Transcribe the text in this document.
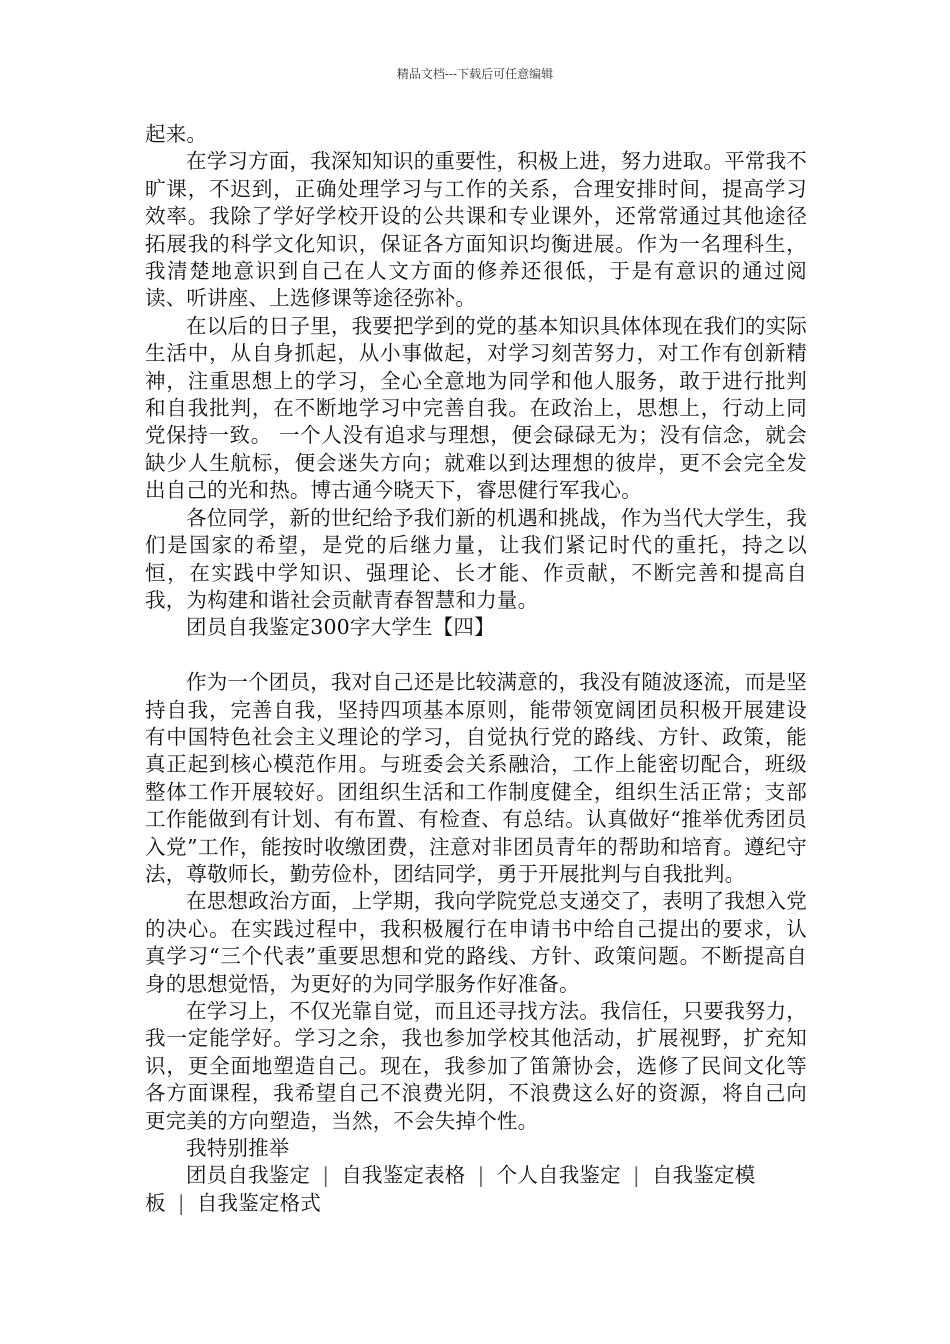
精品文档---下载后可任意编辑

起来。

在学习方面，我深知知识的重要性，积极上进，努力进取。平常我不旷课，不迟到，正确处理学习与工作的关系，合理安排时间，提高学习效率。我除了学好学校开设的公共课和专业课外，还常常通过其他途径拓展我的科学文化知识，保证各方面知识均衡进展。作为一名理科生，我清楚地意识到自己在人文方面的修养还很低，于是有意识的通过阅读、听讲座、上选修课等途径弥补。

在以后的日子里，我要把学到的党的基本知识具体体现在我们的实际生活中，从自身抓起，从小事做起，对学习刻苦努力，对工作有创新精神，注重思想上的学习，全心全意地为同学和他人服务，敢于进行批判和自我批判，在不断地学习中完善自我。在政治上，思想上，行动上同党保持一致。 一个人没有追求与理想，便会碌碌无为；没有信念，就会缺少人生航标，便会迷失方向；就难以到达理想的彼岸，更不会完全发出自己的光和热。博古通今晓天下，睿思健行军我心。

各位同学，新的世纪给予我们新的机遇和挑战，作为当代大学生，我们是国家的希望，是党的后继力量，让我们紧记时代的重托，持之以恒，在实践中学知识、强理论、长才能、作贡献，不断完善和提高自我，为构建和谐社会贡献青春智慧和力量。

团员自我鉴定300字大学生【四】

作为一个团员，我对自己还是比较满意的，我没有随波逐流，而是坚持自我，完善自我，坚持四项基本原则，能带领宽阔团员积极开展建设有中国特色社会主义理论的学习，自觉执行党的路线、方针、政策，能真正起到核心模范作用。与班委会关系融洽，工作上能密切配合，班级整体工作开展较好。团组织生活和工作制度健全，组织生活正常；支部工作能做到有计划、有布置、有检查、有总结。认真做好“推举优秀团员入党”工作，能按时收缴团费，注意对非团员青年的帮助和培育。遵纪守法，尊敬师长，勤劳俭朴，团结同学，勇于开展批判与自我批判。

在思想政治方面，上学期，我向学院党总支递交了，表明了我想入党的决心。在实践过程中，我积极履行在申请书中给自己提出的要求，认真学习“三个代表”重要思想和党的路线、方针、政策问题。不断提高自身的思想觉悟，为更好的为同学服务作好准备。

在学习上，不仅光靠自觉，而且还寻找方法。我信任，只要我努力，我一定能学好。学习之余，我也参加学校其他活动，扩展视野，扩充知识，更全面地塑造自己。现在，我参加了笛箫协会，选修了民间文化等各方面课程，我希望自己不浪费光阴，不浪费这么好的资源，将自己向更完美的方向塑造，当然，不会失掉个性。

我特别推举

团员自我鉴定 | 自我鉴定表格 | 个人自我鉴定 | 自我鉴定模板 | 自我鉴定格式
